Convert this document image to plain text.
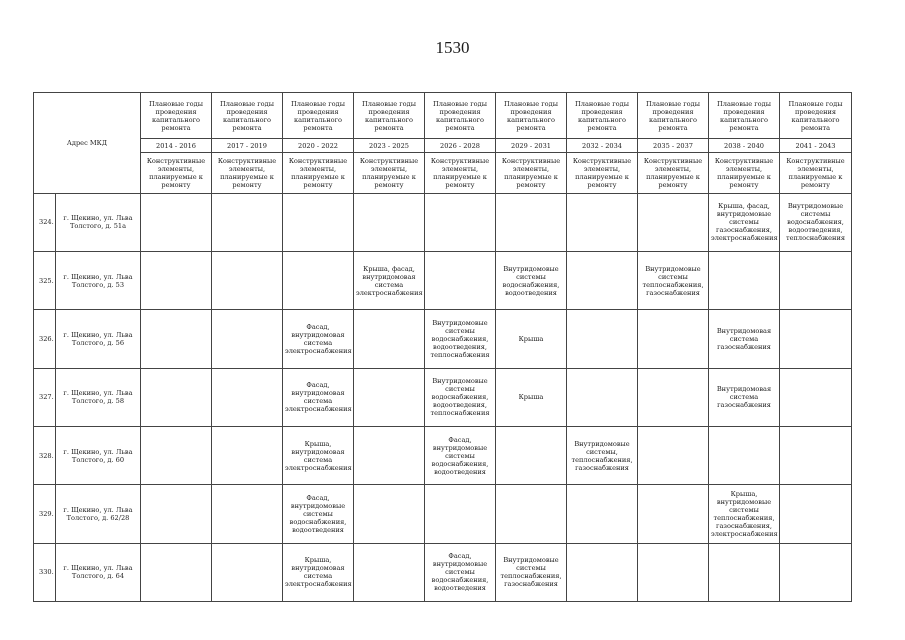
1530
Адрес МКД		Плановые годы проведения капитального ремонта	Плановые годы проведения капитального ремонта	Плановые годы проведения капитального ремонта	Плановые годы проведения капитального ремонта	Плановые годы проведения капитального ремонта	Плановые годы проведения капитального ремонта	Плановые годы проведения капитального ремонта	Плановые годы проведения капитального ремонта	Плановые годы проведения капитального ремонта	Плановые годы проведения капитального ремонта
		2014 - 2016	2017 - 2019	2020 - 2022	2023 - 2025	2026 - 2028	2029 - 2031	2032 - 2034	2035 - 2037	2038 - 2040	2041 - 2043
		Конструктивные элементы, планируемые к ремонту	Конструктивные элементы, планируемые к ремонту	Конструктивные элементы, планируемые к ремонту	Конструктивные элементы, планируемые к ремонту	Конструктивные элементы, планируемые к ремонту	Конструктивные элементы, планируемые к ремонту	Конструктивные элементы, планируемые к ремонту	Конструктивные элементы, планируемые к ремонту	Конструктивные элементы, планируемые к ремонту	Конструктивные элементы, планируемые к ремонту
324.	г. Щекино, ул. Льва Толстого, д. 51а									Крыша, фасад, внутридомовые системы газоснабжения, электроснабжения	Внутридомовые системы водоснабжения, водоотведения, теплоснабжения
325.	г. Щекино, ул. Льва Толстого, д. 53				Крыша, фасад, внутридомовая система электроснабжения		Внутридомовые системы водоснабжения, водоотведения		Внутридомовые системы теплоснабжения, газоснабжения		
326.	г. Щекино, ул. Льва Толстого, д. 56			Фасад, внутридомовая система электроснабжения		Внутридомовые системы водоснабжения, водоотведения, теплоснабжения	Крыша			Внутридомовая система газоснабжения	
327.	г. Щекино, ул. Льва Толстого, д. 58			Фасад, внутридомовая система электроснабжения		Внутридомовые системы водоснабжения, водоотведения, теплоснабжения	Крыша			Внутридомовая система газоснабжения	
328.	г. Щекино, ул. Льва Толстого, д. 60			Крыша, внутридомовая система электроснабжения		Фасад, внутридомовые системы водоснабжения, водоотведения		Внутридомовые системы, теплоснабжения, газоснабжения			
329.	г. Щекино, ул. Льва Толстого, д. 62/28			Фасад, внутридомовые системы водоснабжения, водоотведения						Крыша, внутридомовые системы теплоснабжения, газоснабжения, электроснабжения	
330.	г. Щекино, ул. Льва Толстого, д. 64			Крыша, внутридомовая система электроснабжения		Фасад, внутридомовые системы водоснабжения, водоотведения	Внутридомовые системы теплоснабжения, газоснабжения				
